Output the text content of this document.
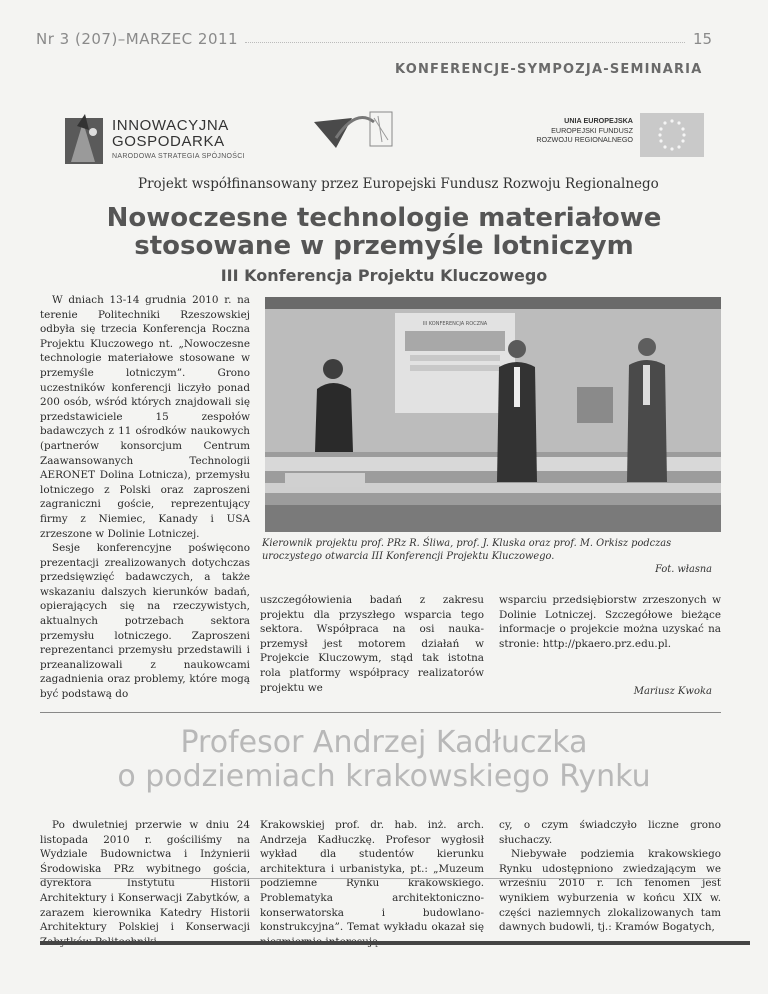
Nr 3 (207)–MARZEC 2011	15
KONFERENCJE-SYMPOZJA-SEMINARIA
INNOWACYJNA
GOSPODARKA
NARODOWA STRATEGIA SPÓJNOŚCI
UNIA EUROPEJSKA
EUROPEJSKI FUNDUSZ
ROZWOJU REGIONALNEGO
Projekt współfinansowany przez Europejski Fundusz Rozwoju Regionalnego
Nowoczesne technologie materiałowe
stosowane w przemyśle lotniczym
III Konferencja Projektu Kluczowego

W dniach 13-14 grudnia 2010 r. na terenie Politechniki Rzeszowskiej odbyła się trzecia Konferencja Roczna Projektu Kluczowego nt. „Nowoczesne technologie materiałowe stosowane w przemyśle lotniczym”. Grono uczestników konferencji liczyło ponad 200 osób, wśród których znajdowali się przedstawiciele 15 zespołów badawczych z 11 ośrodków naukowych (partnerów konsorcjum Centrum Zaawansowanych Technologii AERONET Dolina Lotnicza), przemysłu lotniczego z Polski oraz zaproszeni zagraniczni goście, reprezentujący firmy z Niemiec, Kanady i USA zrzeszone w Dolinie Lotniczej.

Sesje konferencyjne poświęcono prezentacji zrealizowanych dotychczas przedsięwzięć badawczych, a także wskazaniu dalszych kierunków badań, opierających się na rzeczywistych, aktualnych potrzebach sektora przemysłu lotniczego. Zaproszeni reprezentanci przemysłu przedstawili i przeanalizowali z naukowcami zagadnienia oraz problemy, które mogą być podstawą do

III KONFERENCJA ROCZNA
Kierownik projektu prof. PRz R. Śliwa, prof. J. Kluska oraz prof. M. Orkisz podczas uroczystego otwarcia III Konferencji Projektu Kluczowego.
Fot. własna

uszczegółowienia badań z zakresu projektu dla przyszłego wsparcia tego sektora. Współpraca na osi nauka-przemysł jest motorem działań w Projekcie Kluczowym, stąd tak istotna rola platformy współpracy realizatorów projektu we

wsparciu przedsiębiorstw zrzeszonych w Dolinie Lotniczej. Szczegółowe bieżące informacje o projekcie można uzyskać na stronie: http://pkaero.prz.edu.pl.

Mariusz Kwoka
Profesor Andrzej Kadłuczka
o podziemiach krakowskiego Rynku

Po dwuletniej przerwie w dniu 24 listopada 2010 r. gościliśmy na Wydziale Budownictwa i Inżynierii Środowiska PRz wybitnego gościa, dyrektora Instytutu Historii Architektury i Konserwacji Zabytków, a zarazem kierownika Katedry Historii Architektury Polskiej i Konserwacji

Krakowskiej prof. dr. hab. inż. arch. Andrzeja Kadłuczkę. Profesor wygłosił wykład dla studentów kierunku architektura i urbanistyka, pt.: „Muzeum podziemne Rynku krakowskiego. Problematyka architektoniczno-konserwatorska i budowlano-konstrukcyjna”. Temat wykładu okazał się

cy, o czym świadczyło liczne grono słuchaczy.

Niebywałe podziemia krakowskiego Rynku udostępniono zwiedzającym we wrześniu 2010 r. Ich fenomen jest wynikiem wyburzenia w końcu XIX w. części naziemnych zlokalizowanych tam dawnych budowli, tj.: Kramów Bogatych,
